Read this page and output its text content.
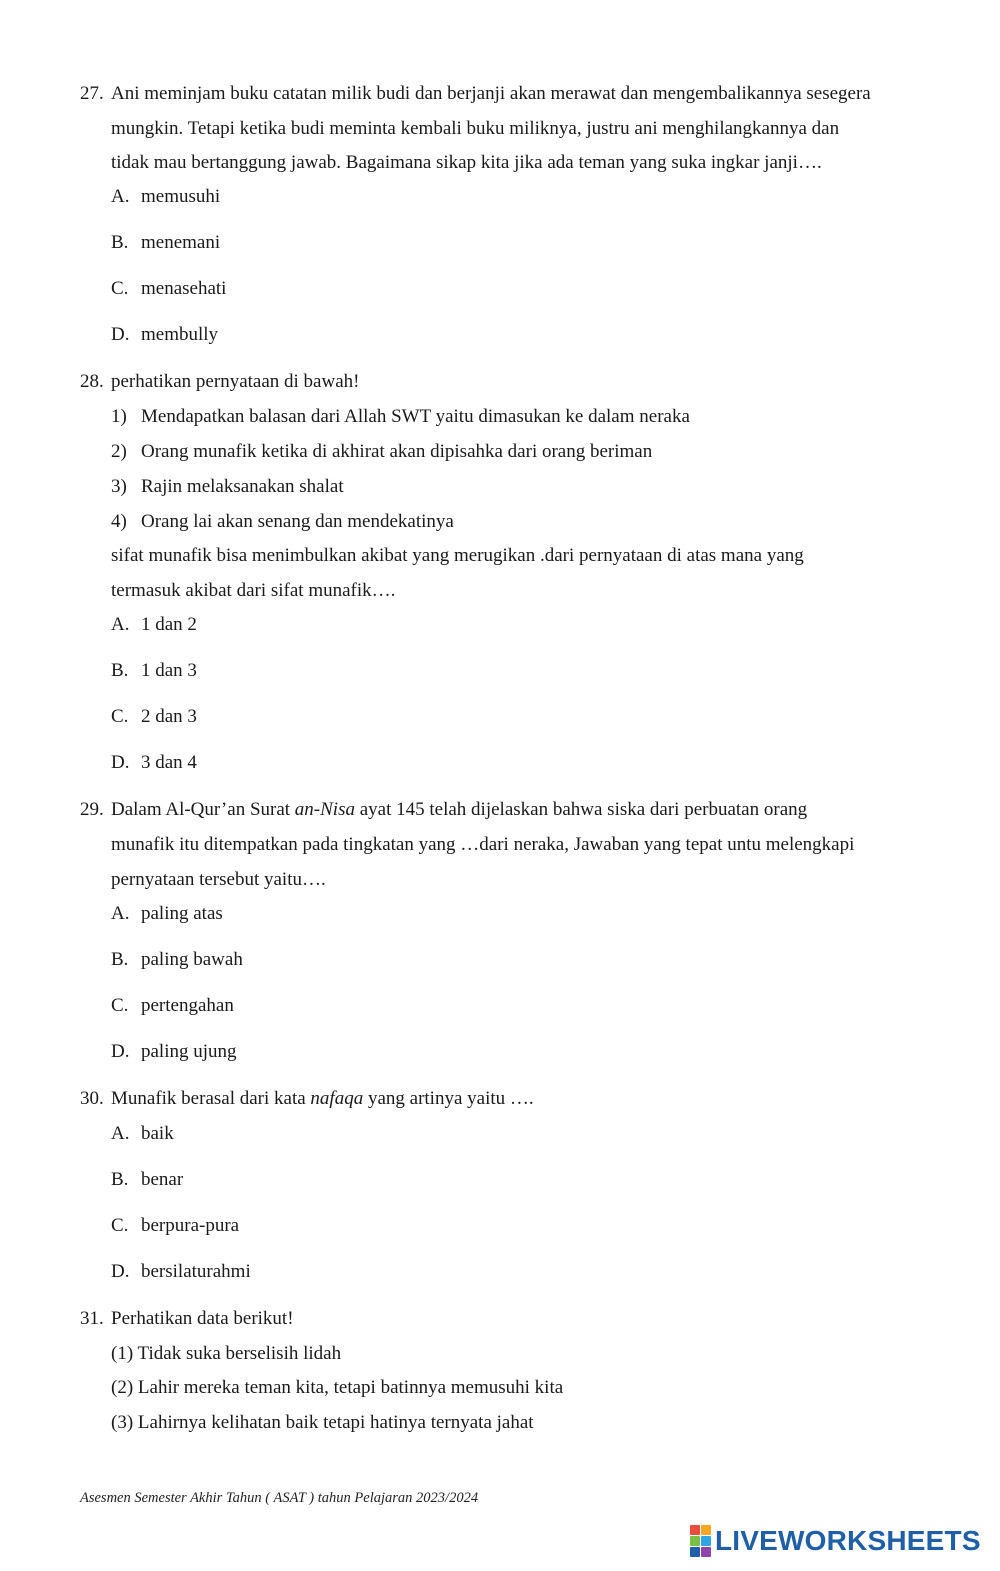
27. Ani meminjam buku catatan milik budi dan berjanji akan merawat dan mengembalikannya sesegera
mungkin. Tetapi ketika budi meminta kembali buku miliknya, justru ani menghilangkannya dan
tidak mau bertanggung jawab. Bagaimana sikap kita jika ada teman yang suka ingkar janji….
A. memusuhi
B. menemani
C. menasehati
D. membully
28. perhatikan pernyataan di bawah!
1) Mendapatkan balasan dari Allah SWT yaitu dimasukan ke dalam neraka
2) Orang munafik ketika di akhirat akan dipisahka dari orang beriman
3) Rajin melaksanakan shalat
4) Orang lai akan senang dan mendekatinya
sifat munafik bisa menimbulkan akibat yang merugikan .dari pernyataan di atas mana yang
termasuk akibat dari sifat munafik….
A. 1 dan 2
B. 1 dan 3
C. 2 dan 3
D. 3 dan 4
29. Dalam Al-Qur’an Surat an-Nisa ayat 145 telah dijelaskan bahwa siska dari perbuatan orang
munafik itu ditempatkan pada tingkatan yang …dari neraka, Jawaban yang tepat untu melengkapi
pernyataan tersebut yaitu….
A. paling atas
B. paling bawah
C. pertengahan
D. paling ujung
30. Munafik berasal dari kata nafaqa yang artinya yaitu ….
A. baik
B. benar
C. berpura-pura
D. bersilaturahmi
31. Perhatikan data berikut!
(1) Tidak suka berselisih lidah
(2) Lahir mereka teman kita, tetapi batinnya memusuhi kita
(3) Lahirnya kelihatan baik tetapi hatinya ternyata jahat
Asesmen Semester Akhir Tahun ( ASAT ) tahun Pelajaran 2023/2024
LIVEWORKSHEETS
